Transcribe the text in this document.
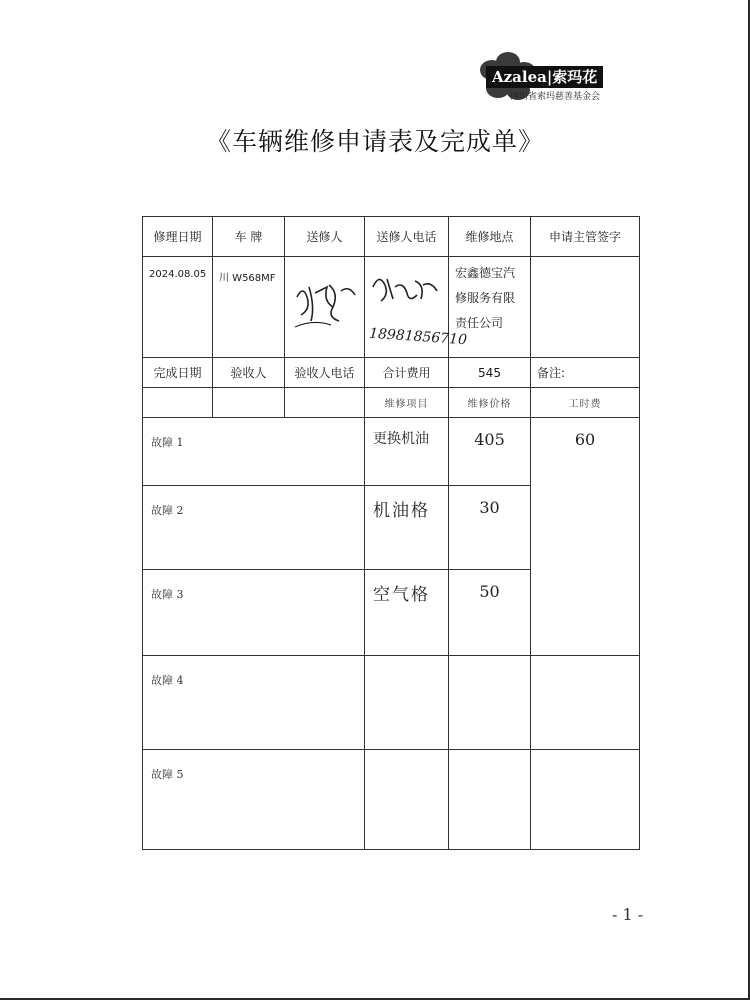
Azalea|索玛花
四川省索玛慈善基金会
《车辆维修申请表及完成单》
修理日期	车 牌	送修人	送修人电话	维修地点	申请主管签字
2024.08.05	川 W568MF		18981856710	宏鑫德宝汽
修服务有限
责任公司	

完成日期	验收人	验收人电话	合计费用	545	备注:
			维修项目	维修价格	工时费
故障 1			更换机油	405	60
故障 2			机油格	30	
故障 3			空气格	50	
故障 4					
故障 5					
- 1 -
